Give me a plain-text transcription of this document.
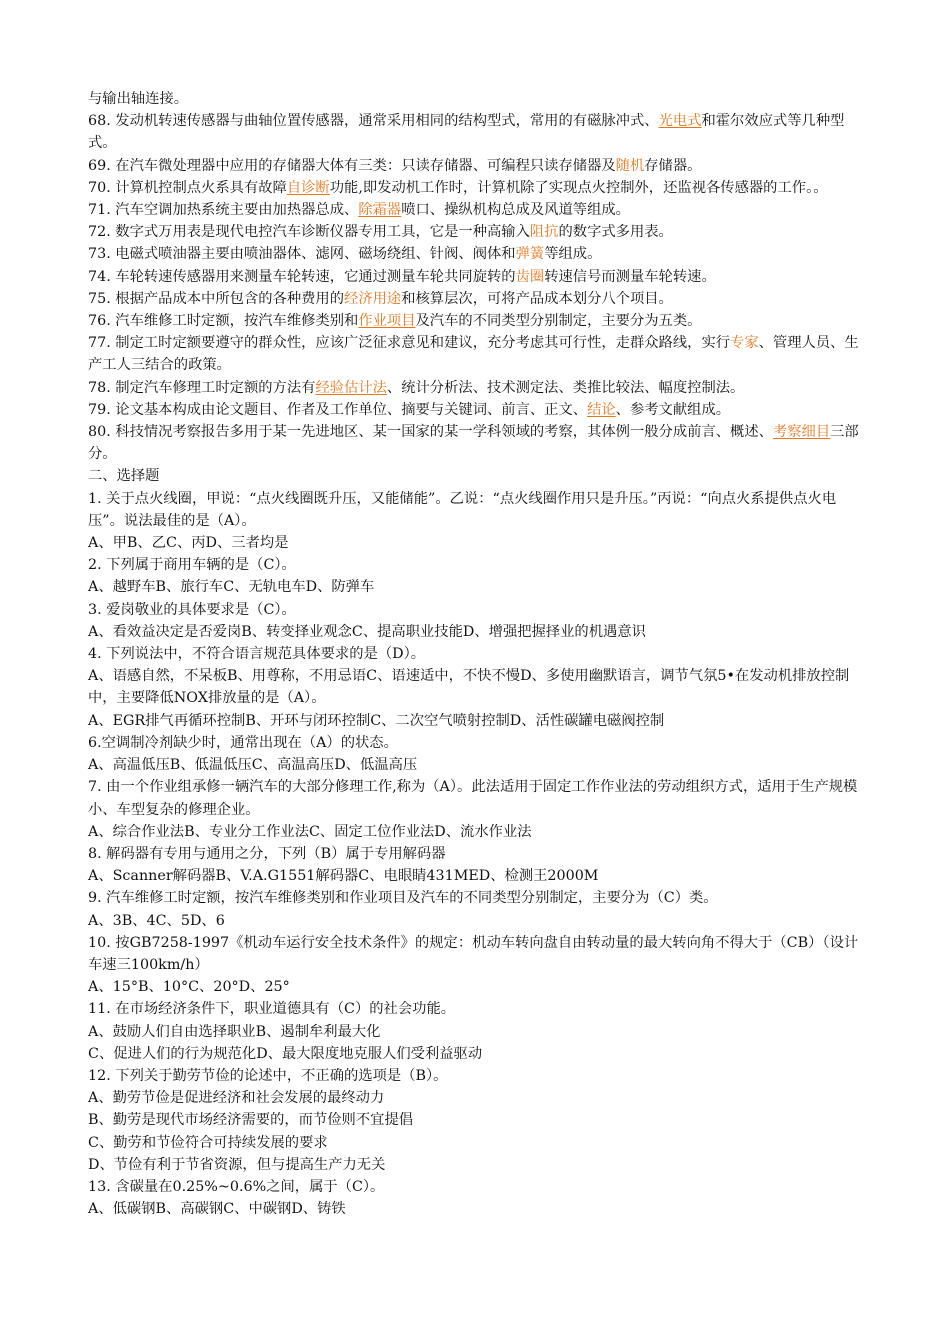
与输出轴连接。

68. 发动机转速传感器与曲轴位置传感器，通常采用相同的结构型式，常用的有磁脉冲式、光电式和霍尔效应式等几种型式。

69. 在汽车微处理器中应用的存储器大体有三类：只读存储器、可编程只读存储器及随机存储器。

70. 计算机控制点火系具有故障自诊断功能,即发动机工作时，计算机除了实现点火控制外，还监视各传感器的工作。。

71. 汽车空调加热系统主要由加热器总成、除霜器喷口、操纵机构总成及风道等组成。

72. 数字式万用表是现代电控汽车诊断仪器专用工具，它是一种高输入阻抗的数字式多用表。

73. 电磁式喷油器主要由喷油器体、滤网、磁场绕组、针阀、阀体和弹簧等组成。

74. 车轮转速传感器用来测量车轮转速，它通过测量车轮共同旋转的齿圈转速信号而测量车轮转速。

75. 根据产品成本中所包含的各种费用的经济用途和核算层次，可将产品成本划分八个项目。

76. 汽车维修工时定额，按汽车维修类别和作业项目及汽车的不同类型分别制定，主要分为五类。

77. 制定工时定额要遵守的群众性，应该广泛征求意见和建议，充分考虑其可行性，走群众路线，实行专家、管理人员、生产工人三结合的政策。

78. 制定汽车修理工时定额的方法有经验估计法、统计分析法、技术测定法、类推比较法、幅度控制法。

79. 论文基本构成由论文题目、作者及工作单位、摘要与关键词、前言、正文、结论、参考文献组成。

80. 科技情况考察报告多用于某一先进地区、某一国家的某一学科领域的考察，其体例一般分成前言、概述、考察细目三部分。

二、选择题

1. 关于点火线圈，甲说：“点火线圈既升压，又能储能”。乙说：“点火线圈作用只是升压。”丙说：“向点火系提供点火电压”。说法最佳的是（A）。

A、甲B、乙C、丙D、三者均是

2. 下列属于商用车辆的是（C）。

A、越野车B、旅行车C、无轨电车D、防弹车

3. 爱岗敬业的具体要求是（C）。

A、看效益决定是否爱岗B、转变择业观念C、提高职业技能D、增强把握择业的机遇意识

4. 下列说法中，不符合语言规范具体要求的是（D）。

A、语感自然，不呆板B、用尊称，不用忌语C、语速适中，不快不慢D、多使用幽默语言，调节气氛5•在发动机排放控制中，主要降低NOX排放量的是（A）。

A、EGR排气再循环控制B、开环与闭环控制C、二次空气喷射控制D、活性碳罐电磁阀控制

6.空调制冷剂缺少时，通常出现在（A）的状态。

A、高温低压B、低温低压C、高温高压D、低温高压

7. 由一个作业组承修一辆汽车的大部分修理工作,称为（A）。此法适用于固定工作作业法的劳动组织方式，适用于生产规模小、车型复杂的修理企业。

A、综合作业法B、专业分工作业法C、固定工位作业法D、流水作业法

8. 解码器有专用与通用之分，下列（B）属于专用解码器

A、Scanner解码器B、V.A.G1551解码器C、电眼睛431MED、检测王2000M

9. 汽车维修工时定额，按汽车维修类别和作业项目及汽车的不同类型分别制定，主要分为（C）类。

A、3B、4C、5D、6

10. 按GB7258-1997《机动车运行安全技术条件》的规定：机动车转向盘自由转动量的最大转向角不得大于（CB）（设计车速三100km/h）

A、15°B、10°C、20°D、25°

11. 在市场经济条件下，职业道德具有（C）的社会功能。

A、鼓励人们自由选择职业B、遏制牟利最大化

C、促进人们的行为规范化D、最大限度地克服人们受利益驱动

12. 下列关于勤劳节俭的论述中，不正确的选项是（B）。

A、勤劳节俭是促进经济和社会发展的最终动力

B、勤劳是现代市场经济需要的，而节俭则不宜提倡

C、勤劳和节俭符合可持续发展的要求

D、节俭有利于节省资源，但与提高生产力无关

13. 含碳量在0.25%~0.6%之间，属于（C）。

A、低碳钢B、高碳钢C、中碳钢D、铸铁
